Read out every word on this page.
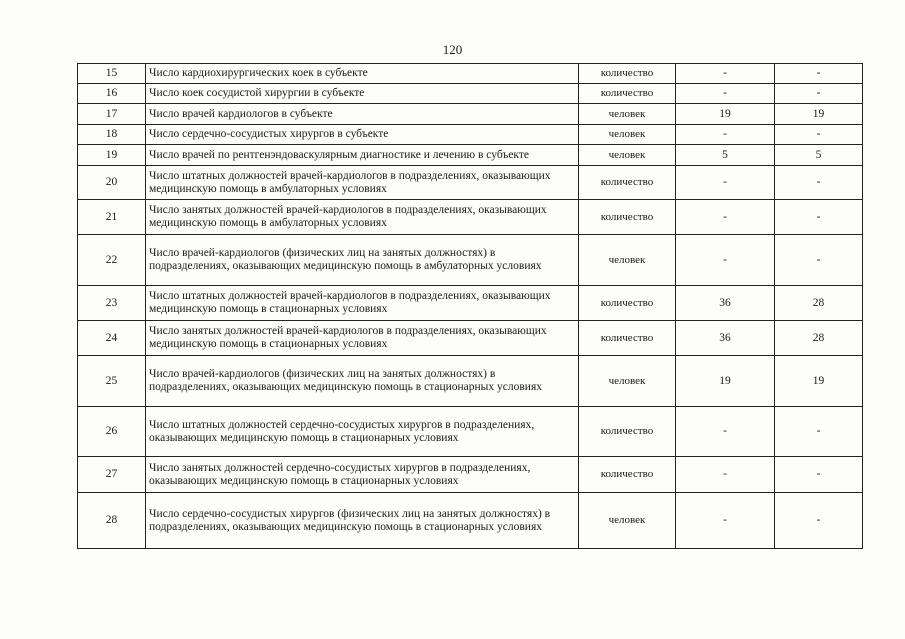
120
15	Число кардиохирургических коек в субъекте	количество	-	-
16	Число коек сосудистой хирургии в субъекте	количество	-	-
17	Число врачей кардиологов в субъекте	человек	19	19
18	Число сердечно-сосудистых хирургов в субъекте	человек	-	-
19	Число врачей по рентгенэндоваскулярным диагностике и лечению в субъекте	человек	5	5
20	Число штатных должностей врачей-кардиологов в подразделениях, оказывающих медицинскую помощь в амбулаторных условиях	количество	-	-
21	Число занятых должностей врачей-кардиологов в подразделениях, оказывающих медицинскую помощь в амбулаторных условиях	количество	-	-
22	Число врачей-кардиологов (физических лиц на занятых должностях) в подразделениях, оказывающих медицинскую помощь в амбулаторных условиях	человек	-	-
23	Число штатных должностей врачей-кардиологов в подразделениях, оказывающих медицинскую помощь в стационарных условиях	количество	36	28
24	Число занятых должностей врачей-кардиологов в подразделениях, оказывающих медицинскую помощь в стационарных условиях	количество	36	28
25	Число врачей-кардиологов (физических лиц на занятых должностях) в подразделениях, оказывающих медицинскую помощь в стационарных условиях	человек	19	19
26	Число штатных должностей сердечно-сосудистых хирургов в подразделениях, оказывающих медицинскую помощь в стационарных условиях	количество	-	-
27	Число занятых должностей сердечно-сосудистых хирургов в подразделениях, оказывающих медицинскую помощь в стационарных условиях	количество	-	-
28	Число сердечно-сосудистых хирургов (физических лиц на занятых должностях) в подразделениях, оказывающих медицинскую помощь в стационарных условиях	человек	-	-
